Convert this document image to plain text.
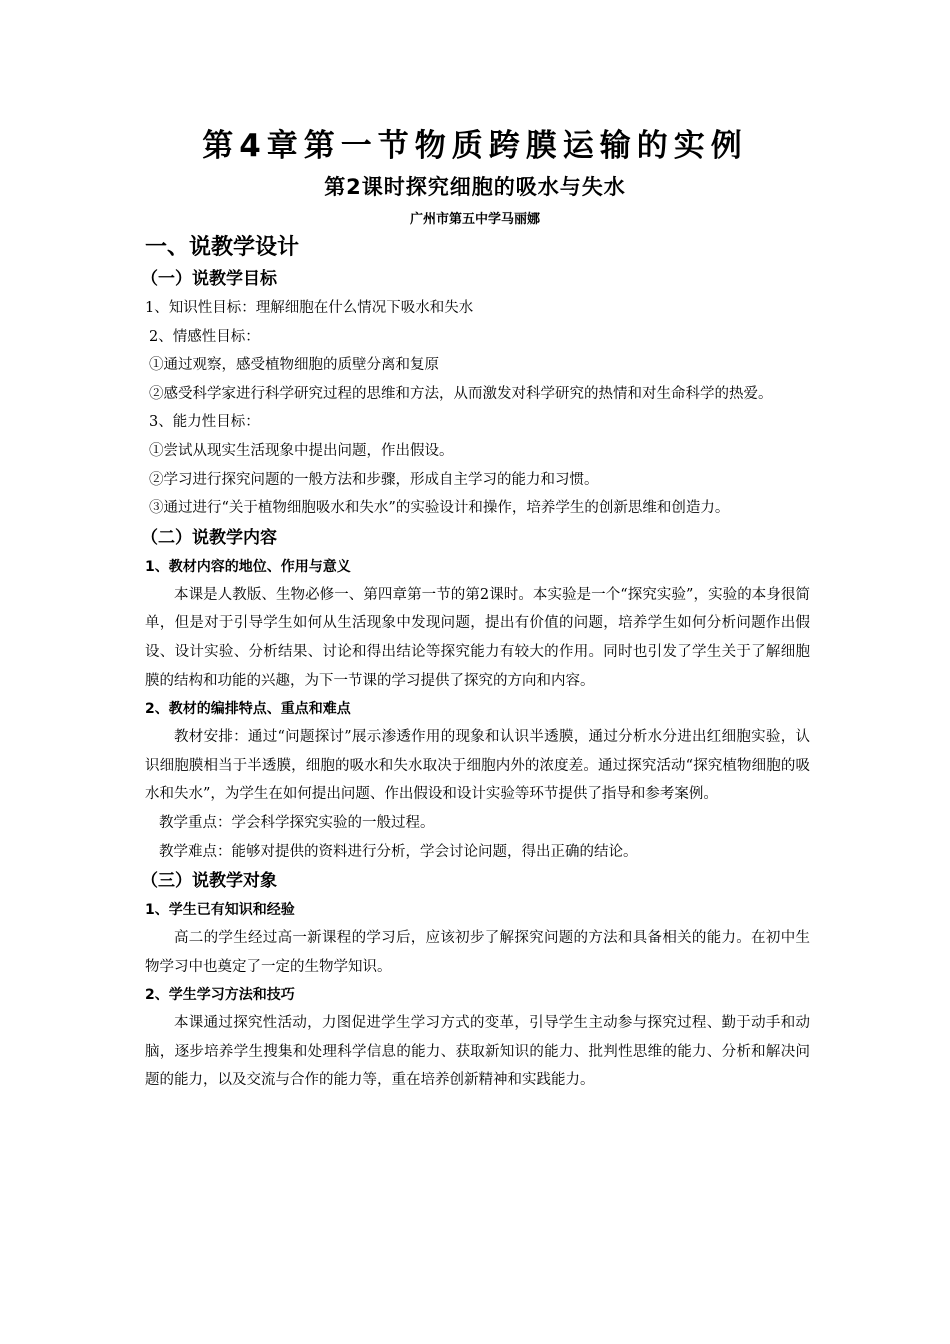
第4章第一节物质跨膜运输的实例
第2课时探究细胞的吸水与失水
广州市第五中学马丽娜
一、说教学设计
（一）说教学目标

1、知识性目标：理解细胞在什么情况下吸水和失水

2、情感性目标：

①通过观察，感受植物细胞的质壁分离和复原

②感受科学家进行科学研究过程的思维和方法，从而激发对科学研究的热情和对生命科学的热爱。

3、能力性目标：

①尝试从现实生活现象中提出问题，作出假设。

②学习进行探究问题的一般方法和步骤，形成自主学习的能力和习惯。

③通过进行“关于植物细胞吸水和失水”的实验设计和操作，培养学生的创新思维和创造力。

（二）说教学内容
1、教材内容的地位、作用与意义

本课是人教版、生物必修一、第四章第一节的第2课时。本实验是一个“探究实验”，实验的本身很简单，但是对于引导学生如何从生活现象中发现问题，提出有价值的问题，培养学生如何分析问题作出假设、设计实验、分析结果、讨论和得出结论等探究能力有较大的作用。同时也引发了学生关于了解细胞膜的结构和功能的兴趣，为下一节课的学习提供了探究的方向和内容。

2、教材的编排特点、重点和难点

教材安排：通过“问题探讨”展示渗透作用的现象和认识半透膜，通过分析水分进出红细胞实验，认识细胞膜相当于半透膜，细胞的吸水和失水取决于细胞内外的浓度差。通过探究活动“探究植物细胞的吸水和失水”，为学生在如何提出问题、作出假设和设计实验等环节提供了指导和参考案例。

教学重点：学会科学探究实验的一般过程。

教学难点：能够对提供的资料进行分析，学会讨论问题，得出正确的结论。

（三）说教学对象
1、学生已有知识和经验

高二的学生经过高一新课程的学习后，应该初步了解探究问题的方法和具备相关的能力。在初中生物学习中也奠定了一定的生物学知识。

2、学生学习方法和技巧

本课通过探究性活动，力图促进学生学习方式的变革，引导学生主动参与探究过程、勤于动手和动脑，逐步培养学生搜集和处理科学信息的能力、获取新知识的能力、批判性思维的能力、分析和解决问题的能力，以及交流与合作的能力等，重在培养创新精神和实践能力。
